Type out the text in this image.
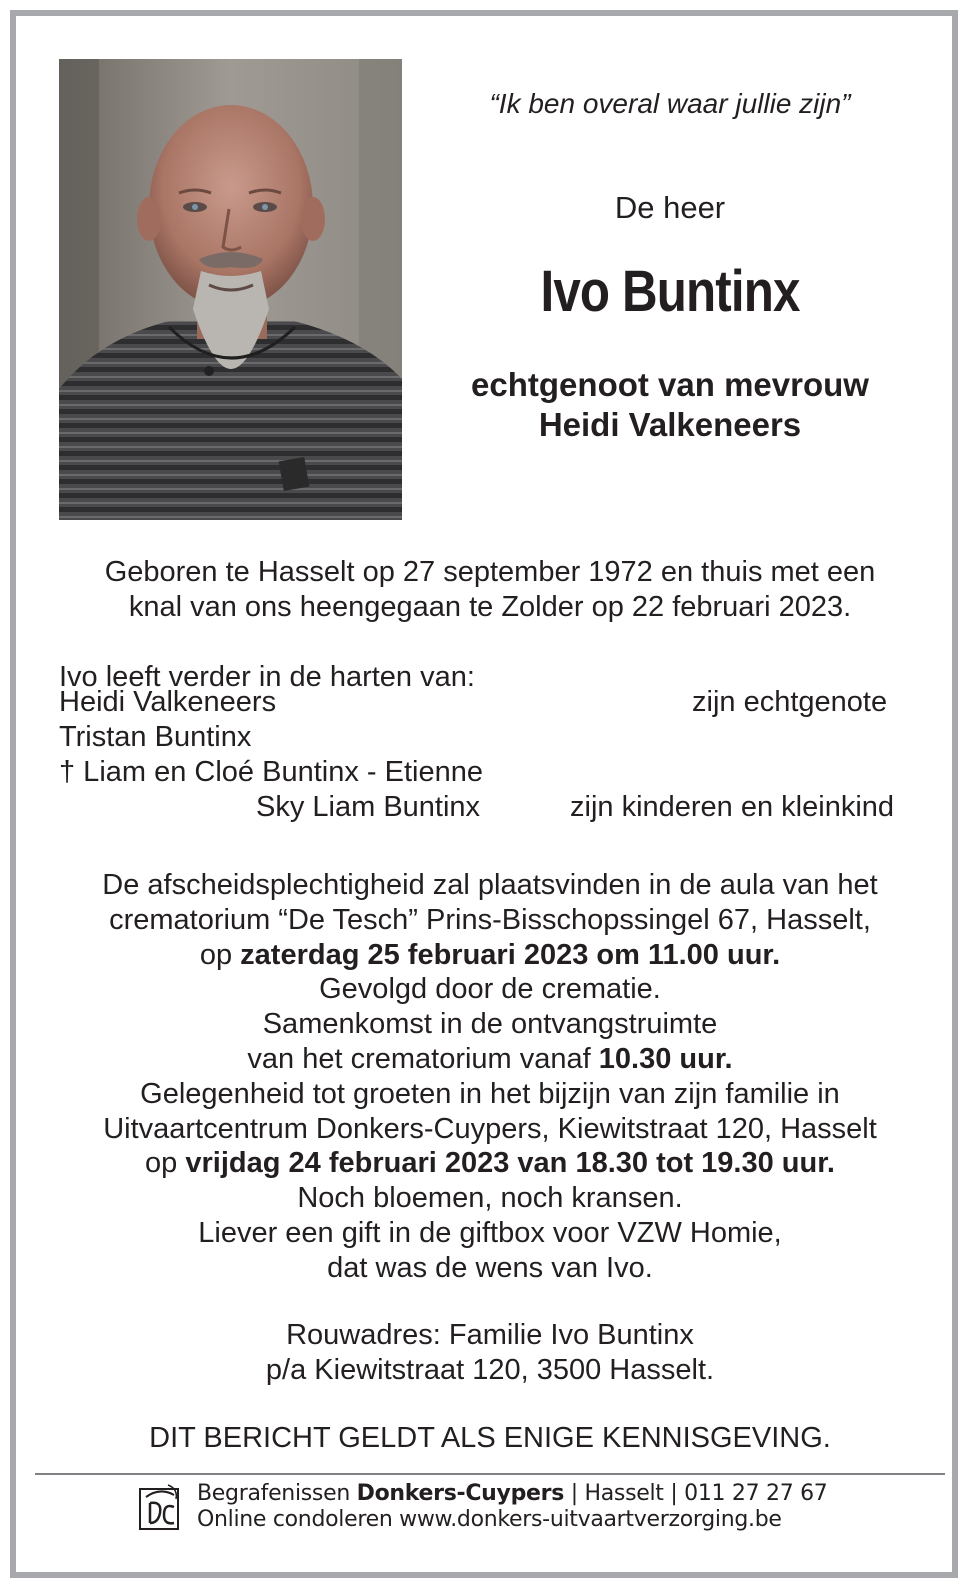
“Ik ben overal waar jullie zijn”
De heer
Ivo Buntinx
echtgenoot van mevrouw
Heidi Valkeneers
Geboren te Hasselt op 27 september 1972 en thuis met een
knal van ons heengegaan te Zolder op 22 februari 2023.
Ivo leeft verder in de harten van:
Heidi Valkeneers	zijn echtgenote
Tristan Buntinx
† Liam en Cloé Buntinx - Etienne
Sky Liam Buntinx	zijn kinderen en kleinkind
De afscheidsplechtigheid zal plaatsvinden in de aula van het
crematorium “De Tesch” Prins-Bisschopssingel 67, Hasselt,
op zaterdag 25 februari 2023 om 11.00 uur.
Gevolgd door de crematie.
Samenkomst in de ontvangstruimte
van het crematorium vanaf 10.30 uur.
Gelegenheid tot groeten in het bijzijn van zijn familie in
Uitvaartcentrum Donkers-Cuypers, Kiewitstraat 120, Hasselt
op vrijdag 24 februari 2023 van 18.30 tot 19.30 uur.
Noch bloemen, noch kransen.
Liever een gift in de giftbox voor VZW Homie,
dat was de wens van Ivo.
Rouwadres: Familie Ivo Buntinx
p/a Kiewitstraat 120, 3500 Hasselt.
DIT BERICHT GELDT ALS ENIGE KENNISGEVING.
Begrafenissen Donkers-Cuypers | Hasselt | 011 27 27 67
Online condoleren www.donkers-uitvaartverzorging.be
